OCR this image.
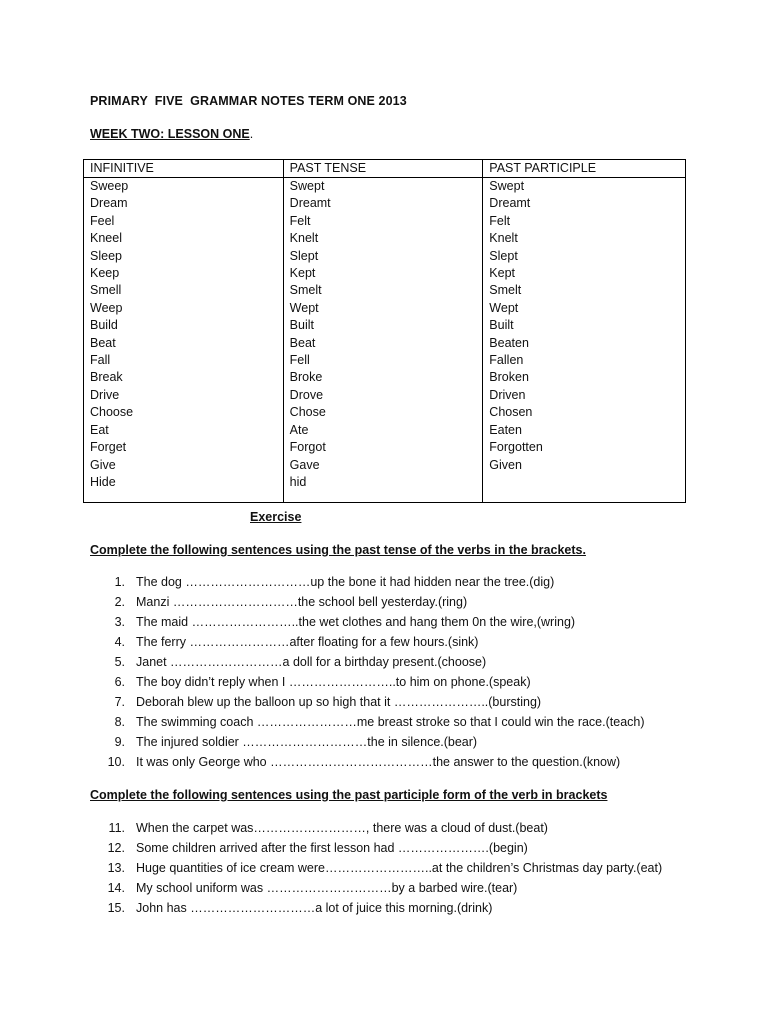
PRIMARY  FIVE  GRAMMAR NOTES TERM ONE 2013
WEEK TWO: LESSON ONE.
INFINITIVE	PAST TENSE	PAST PARTICIPLE
Sweep	Swept	Swept
Dream	Dreamt	Dreamt
Feel	Felt	Felt
Kneel	Knelt	Knelt
Sleep	Slept	Slept
Keep	Kept	Kept
Smell	Smelt	Smelt
Weep	Wept	Wept
Build	Built	Built
Beat	Beat	Beaten
Fall	Fell	Fallen
Break	Broke	Broken
Drive	Drove	Driven
Choose	Chose	Chosen
Eat	Ate	Eaten
Forget	Forgot	Forgotten
Give	Gave	Given
Hide	hid	
Exercise
Complete the following sentences using the past tense of the verbs in the brackets.
1. The dog …………………………up the bone it had hidden near the tree.(dig)
2. Manzi …………………………the school bell yesterday.(ring)
3. The maid ……………………..the wet clothes and hang them 0n the wire,(wring)
4. The ferry ……………………after floating for a few hours.(sink)
5. Janet ………………………a doll for a birthday present.(choose)
6. The boy didn’t reply when I ……………………..to him on phone.(speak)
7. Deborah blew up the balloon up so high that it …………………..(bursting)
8. The swimming coach ……………………me breast stroke so that I could win the race.(teach)
9. The injured soldier …………………………the in silence.(bear)
10. It was only George who …………………………………the answer to the question.(know)
Complete the following sentences using the past participle form of the verb in brackets
11. When the carpet was………………………, there was a cloud of dust.(beat)
12. Some children arrived after the first lesson had ………………….(begin)
13. Huge quantities of ice cream were……………………..at the children’s Christmas day party.(eat)
14. My school uniform was …………………………by a barbed wire.(tear)
15. John has …………………………a lot of juice this morning.(drink)
